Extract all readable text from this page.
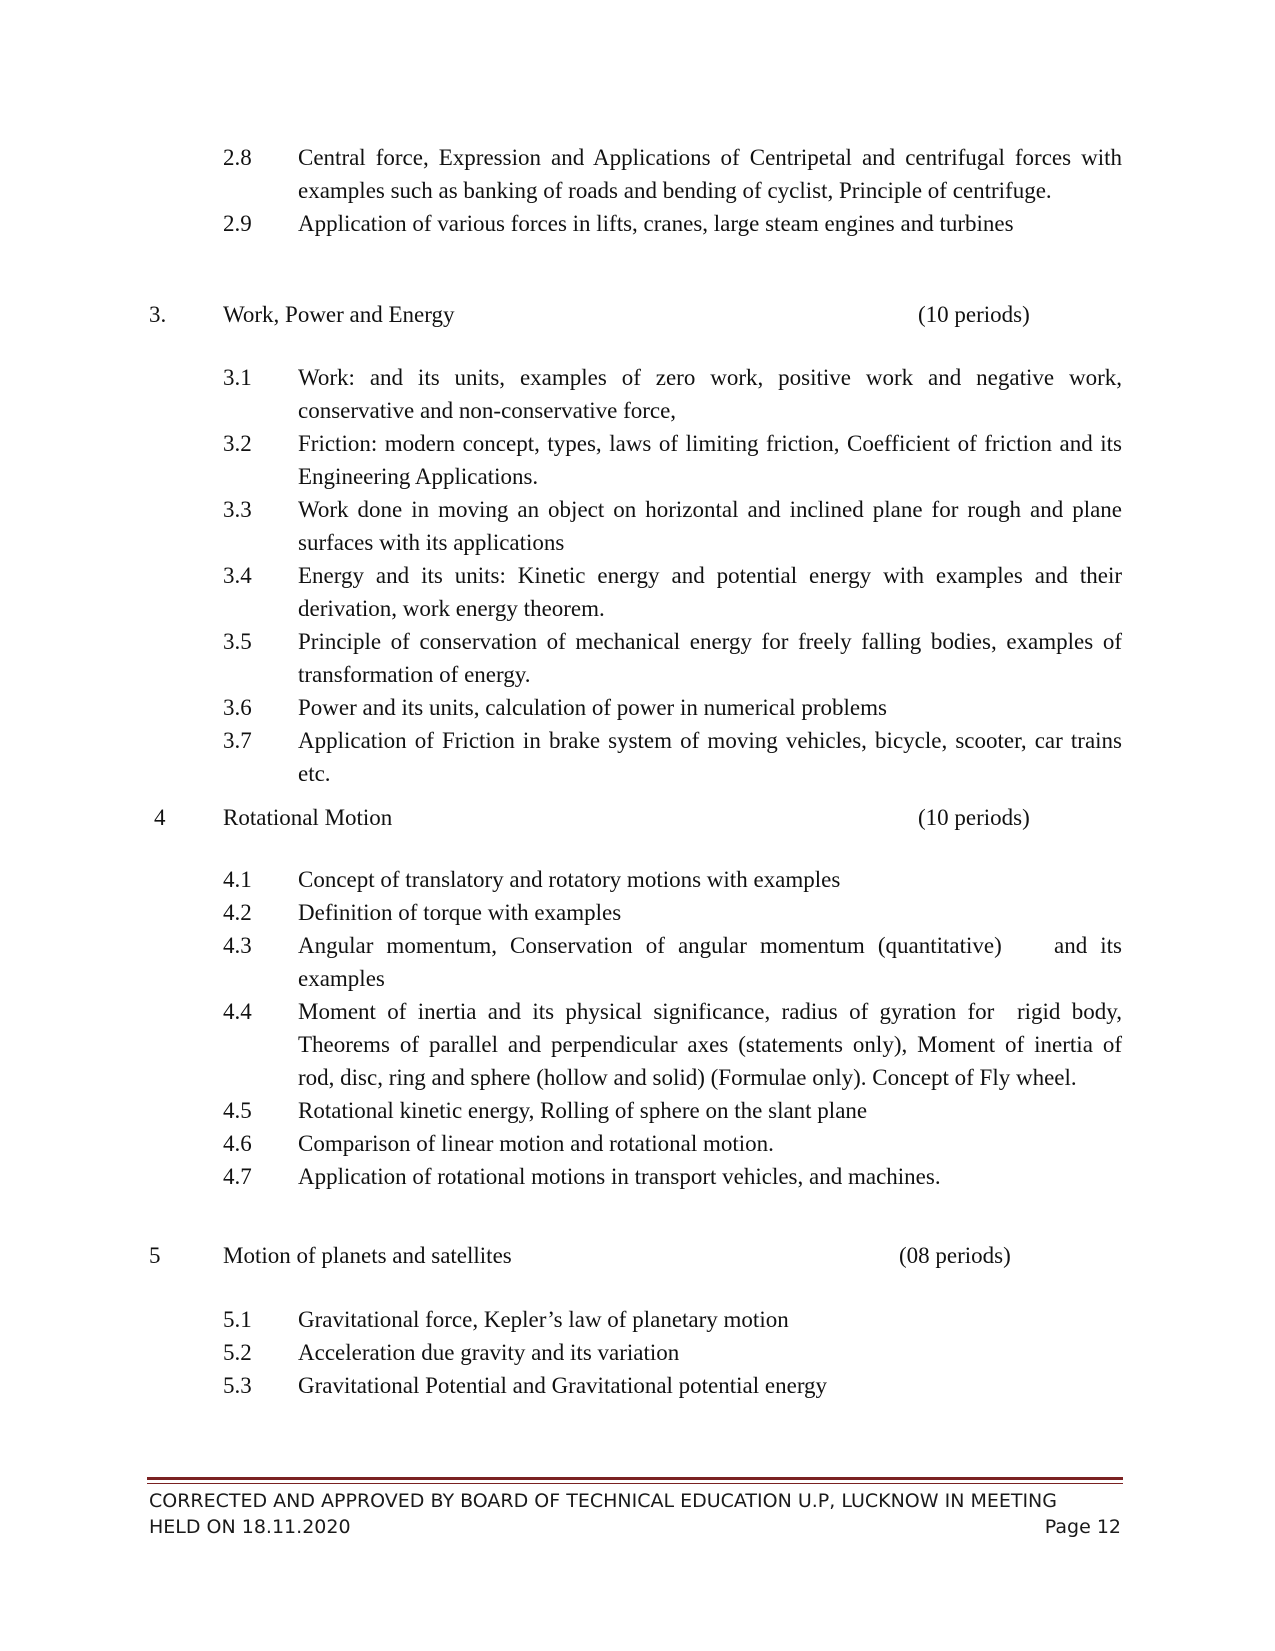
2.8 Central force, Expression and Applications of Centripetal and centrifugal forces with examples such as banking of roads and bending of cyclist, Principle of centrifuge.
2.9 Application of various forces in lifts, cranes, large steam engines and turbines
3. Work, Power and Energy	(10 periods)
3.1 Work: and its units, examples of zero work, positive work and negative work, conservative and non-conservative force,
3.2 Friction: modern concept, types, laws of limiting friction, Coefficient of friction and its Engineering Applications.
3.3 Work done in moving an object on horizontal and inclined plane for rough and plane surfaces with its applications
3.4 Energy and its units: Kinetic energy and potential energy with examples and their derivation, work energy theorem.
3.5 Principle of conservation of mechanical energy for freely falling bodies, examples of transformation of energy.
3.6 Power and its units, calculation of power in numerical problems
3.7 Application of Friction in brake system of moving vehicles, bicycle, scooter, car trains etc.
4	Rotational Motion	(10 periods)
4.1 Concept of translatory and rotatory motions with examples
4.2 Definition of torque with examples
4.3 Angular momentum, Conservation of angular momentum (quantitative)    and its examples
4.4 Moment of inertia and its physical significance, radius of gyration for  rigid body, Theorems of parallel and perpendicular axes (statements only), Moment of inertia of  rod, disc, ring and sphere (hollow and solid) (Formulae only). Concept of Fly wheel.
4.5 Rotational kinetic energy, Rolling of sphere on the slant plane
4.6 Comparison of linear motion and rotational motion.
4.7 Application of rotational motions in transport vehicles, and machines.
5	Motion of planets and satellites	(08 periods)
5.1 Gravitational force, Kepler’s law of planetary motion
5.2 Acceleration due gravity and its variation
5.3 Gravitational Potential and Gravitational potential energy
CORRECTED AND APPROVED BY BOARD OF TECHNICAL EDUCATION U.P, LUCKNOW IN MEETING
HELD ON 18.11.2020	Page 12
